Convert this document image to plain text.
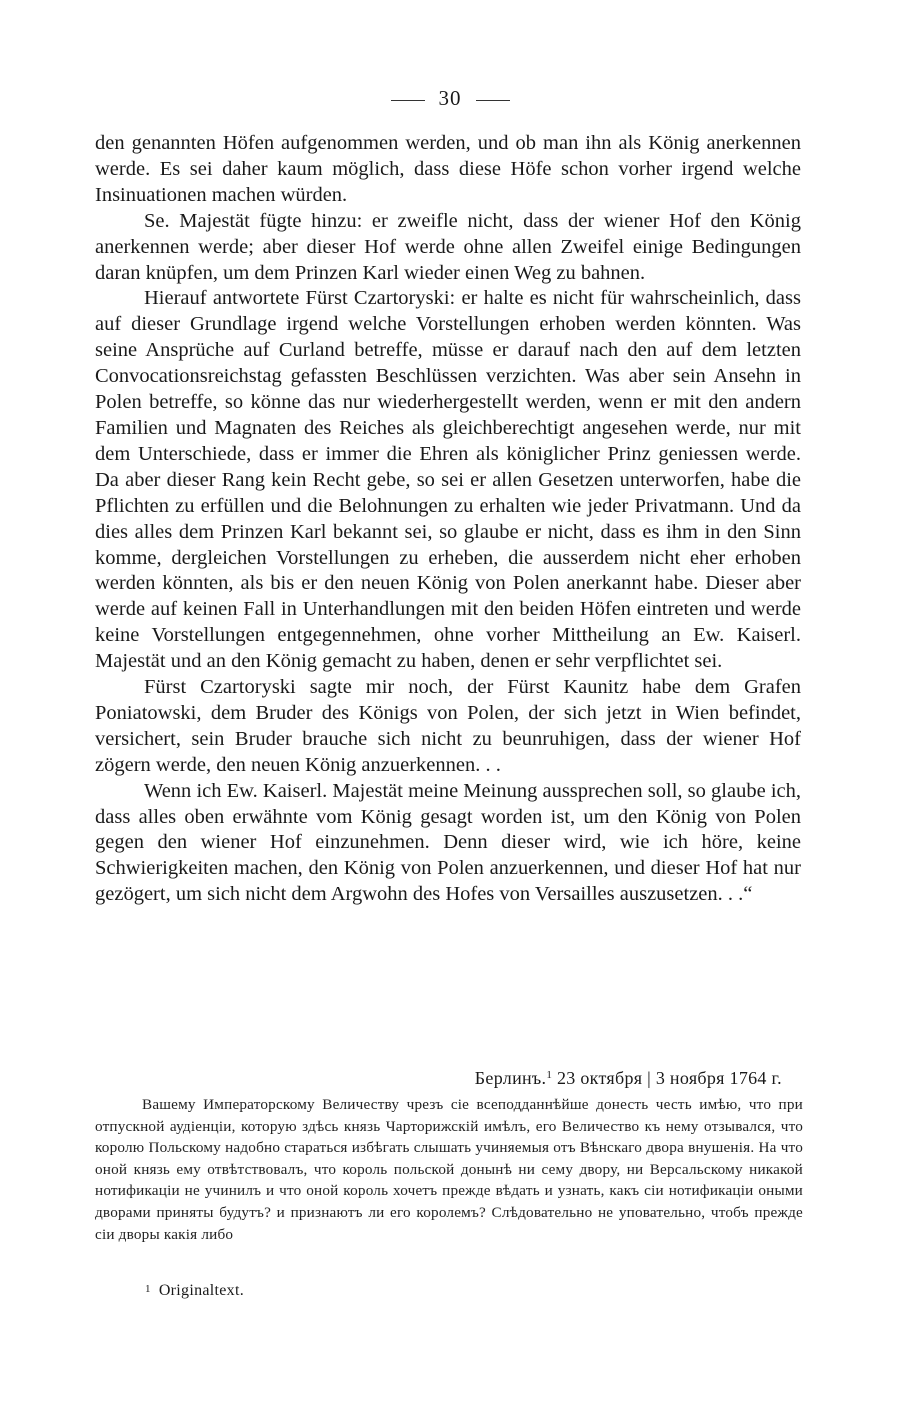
30

den genannten Höfen aufgenommen werden, und ob man ihn als König anerkennen werde. Es sei daher kaum möglich, dass diese Höfe schon vorher irgend welche Insinuationen machen würden.

Se. Majestät fügte hinzu: er zweifle nicht, dass der wiener Hof den König anerkennen werde; aber dieser Hof werde ohne allen Zweifel einige Bedingungen daran knüpfen, um dem Prinzen Karl wieder einen Weg zu bahnen.

Hierauf antwortete Fürst Czartoryski: er halte es nicht für wahrscheinlich, dass auf dieser Grundlage irgend welche Vorstellungen erhoben werden könnten. Was seine Ansprüche auf Curland betreffe, müsse er darauf nach den auf dem letzten Convocationsreichstag gefassten Beschlüssen verzichten. Was aber sein Ansehn in Polen betreffe, so könne das nur wiederhergestellt werden, wenn er mit den andern Familien und Magnaten des Reiches als gleichberechtigt angesehen werde, nur mit dem Unterschiede, dass er immer die Ehren als königlicher Prinz geniessen werde. Da aber dieser Rang kein Recht gebe, so sei er allen Gesetzen unterworfen, habe die Pflichten zu erfüllen und die Belohnungen zu erhalten wie jeder Privatmann. Und da dies alles dem Prinzen Karl bekannt sei, so glaube er nicht, dass es ihm in den Sinn komme, dergleichen Vorstellungen zu erheben, die ausserdem nicht eher erhoben werden könnten, als bis er den neuen König von Polen anerkannt habe. Dieser aber werde auf keinen Fall in Unterhandlungen mit den beiden Höfen eintreten und werde keine Vorstellungen entgegennehmen, ohne vorher Mittheilung an Ew. Kaiserl. Majestät und an den König gemacht zu haben, denen er sehr verpflichtet sei.

Fürst Czartoryski sagte mir noch, der Fürst Kaunitz habe dem Grafen Poniatowski, dem Bruder des Königs von Polen, der sich jetzt in Wien befindet, versichert, sein Bruder brauche sich nicht zu beunruhigen, dass der wiener Hof zögern werde, den neuen König anzuerkennen. . .

Wenn ich Ew. Kaiserl. Majestät meine Meinung aussprechen soll, so glaube ich, dass alles oben erwähnte vom König gesagt worden ist, um den König von Polen gegen den wiener Hof einzunehmen. Denn dieser wird, wie ich höre, keine Schwierigkeiten machen, den König von Polen anzuerkennen, und dieser Hof hat nur gezögert, um sich nicht dem Argwohn des Hofes von Versailles auszusetzen. . .“

Берлинъ.$^1$ 23 октября | 3 ноября 1764 г.

Вашему Императорскому Величеству чрезъ сіе всеподданнѣйше донесть честь имѣю, что при отпускной аудіенціи, которую здѣсь князь Чарторижскій имѣлъ, его Величество къ нему отзывался, что королю Польскому надобно стараться избѣгать слышать учиняемыя отъ Вѣнскаго двора внушенія. На что оной князь ему отвѣтствовалъ, что король польской донынѣ ни сему двору, ни Версальскому никакой нотификаціи не учинилъ и что оной король хочетъ прежде вѣдать и узнать, какъ сіи нотификаціи оными дворами приняты будутъ? и признаютъ ли его королемъ? Слѣдовательно не уповательно, чтобъ прежде сіи дворы какія либо

1 Originaltext.
